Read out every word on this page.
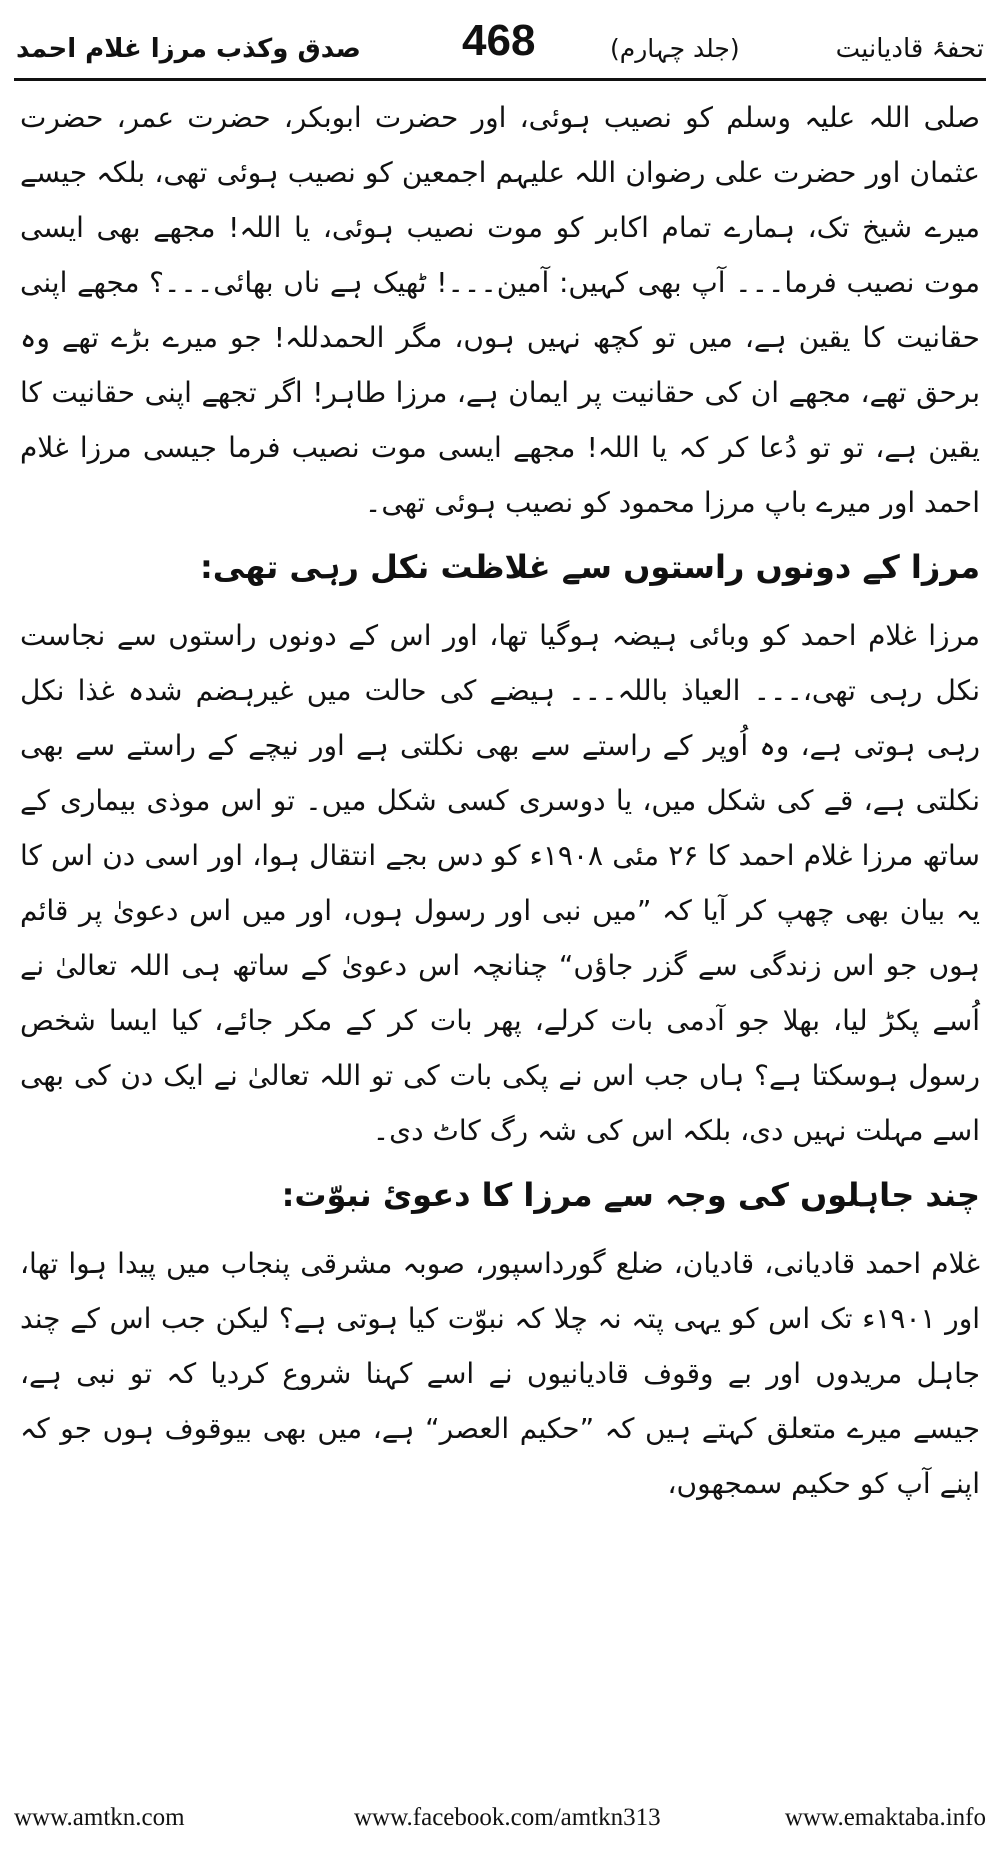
صدق وکذب مرزا غلام احمد 468	(جلد چہارم)	تحفۂ قادیانیت

صلی اللہ علیہ وسلم کو نصیب ہوئی، اور حضرت ابوبکر، حضرت عمر، حضرت عثمان اور حضرت علی رضوان اللہ علیہم اجمعین کو نصیب ہوئی تھی، بلکہ جیسے میرے شیخ تک، ہمارے تمام اکابر کو موت نصیب ہوئی، یا اللہ! مجھے بھی ایسی موت نصیب فرما۔۔۔ آپ بھی کہیں: آمین۔۔۔! ٹھیک ہے ناں بھائی۔۔۔؟ مجھے اپنی حقانیت کا یقین ہے، میں تو کچھ نہیں ہوں، مگر الحمدللہ! جو میرے بڑے تھے وہ برحق تھے، مجھے ان کی حقانیت پر ایمان ہے، مرزا طاہر! اگر تجھے اپنی حقانیت کا یقین ہے، تو تو دُعا کر کہ یا اللہ! مجھے ایسی موت نصیب فرما جیسی مرزا غلام احمد اور میرے باپ مرزا محمود کو نصیب ہوئی تھی۔

مرزا کے دونوں راستوں سے غلاظت نکل رہی تھی:

مرزا غلام احمد کو وبائی ہیضہ ہوگیا تھا، اور اس کے دونوں راستوں سے نجاست نکل رہی تھی،۔۔۔ العیاذ باللہ۔۔۔ ہیضے کی حالت میں غیرہضم شدہ غذا نکل رہی ہوتی ہے، وہ اُوپر کے راستے سے بھی نکلتی ہے اور نیچے کے راستے سے بھی نکلتی ہے، قے کی شکل میں، یا دوسری کسی شکل میں۔ تو اس موذی بیماری کے ساتھ مرزا غلام احمد کا ۲۶ مئی ۱۹۰۸ء کو دس بجے انتقال ہوا، اور اسی دن اس کا یہ بیان بھی چھپ کر آیا کہ ”میں نبی اور رسول ہوں، اور میں اس دعویٰ پر قائم ہوں جو اس زندگی سے گزر جاؤں“ چنانچہ اس دعویٰ کے ساتھ ہی اللہ تعالیٰ نے اُسے پکڑ لیا، بھلا جو آدمی بات کرلے، پھر بات کر کے مکر جائے، کیا ایسا شخص رسول ہوسکتا ہے؟ ہاں جب اس نے پکی بات کی تو اللہ تعالیٰ نے ایک دن کی بھی اسے مہلت نہیں دی، بلکہ اس کی شہ رگ کاٹ دی۔

چند جاہلوں کی وجہ سے مرزا کا دعویٔ نبوّت:

غلام احمد قادیانی، قادیان، ضلع گورداسپور، صوبہ مشرقی پنجاب میں پیدا ہوا تھا، اور ۱۹۰۱ء تک اس کو یہی پتہ نہ چلا کہ نبوّت کیا ہوتی ہے؟ لیکن جب اس کے چند جاہل مریدوں اور بے وقوف قادیانیوں نے اسے کہنا شروع کردیا کہ تو نبی ہے، جیسے میرے متعلق کہتے ہیں کہ ”حکیم العصر“ ہے، میں بھی بیوقوف ہوں جو کہ اپنے آپ کو حکیم سمجھوں،

www.amtkn.com	www.facebook.com/amtkn313	www.emaktaba.info
